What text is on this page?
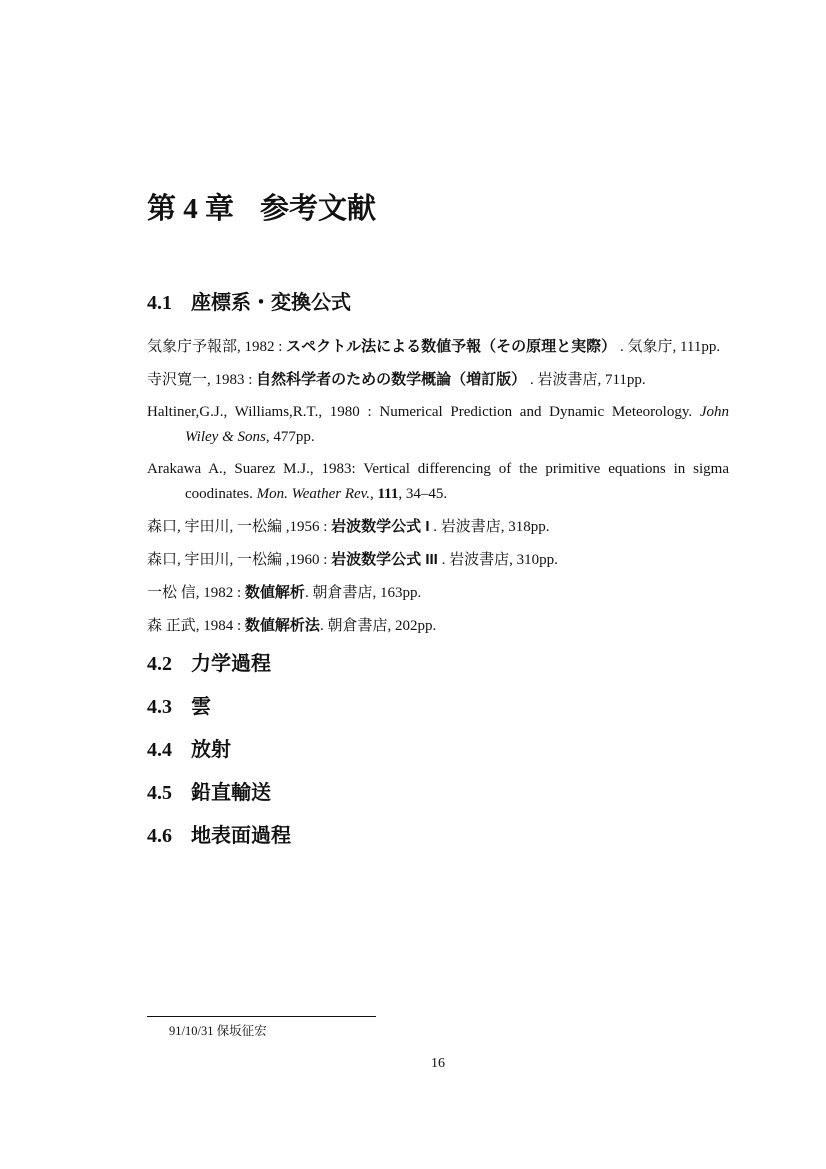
第 4 章 参考文献
4.1 座標系・変換公式

気象庁予報部, 1982 : スペクトル法による数値予報（その原理と実際） . 気象庁, 111pp.

寺沢寛一, 1983 : 自然科学者のための数学概論（増訂版） . 岩波書店, 711pp.

Haltiner,G.J., Williams,R.T., 1980 : Numerical Prediction and Dynamic Meteorology. John Wiley & Sons, 477pp.

Arakawa A., Suarez M.J., 1983: Vertical differencing of the primitive equations in sigma coodinates. Mon. Weather Rev., 111, 34–45.

森口, 宇田川, 一松編 ,1956 : 岩波数学公式 I . 岩波書店, 318pp.

森口, 宇田川, 一松編 ,1960 : 岩波数学公式 III . 岩波書店, 310pp.

一松 信, 1982 : 数値解析. 朝倉書店, 163pp.

森 正武, 1984 : 数値解析法. 朝倉書店, 202pp.

4.2 力学過程
4.3 雲
4.4 放射
4.5 鉛直輸送
4.6 地表面過程
91/10/31 保坂征宏
16
